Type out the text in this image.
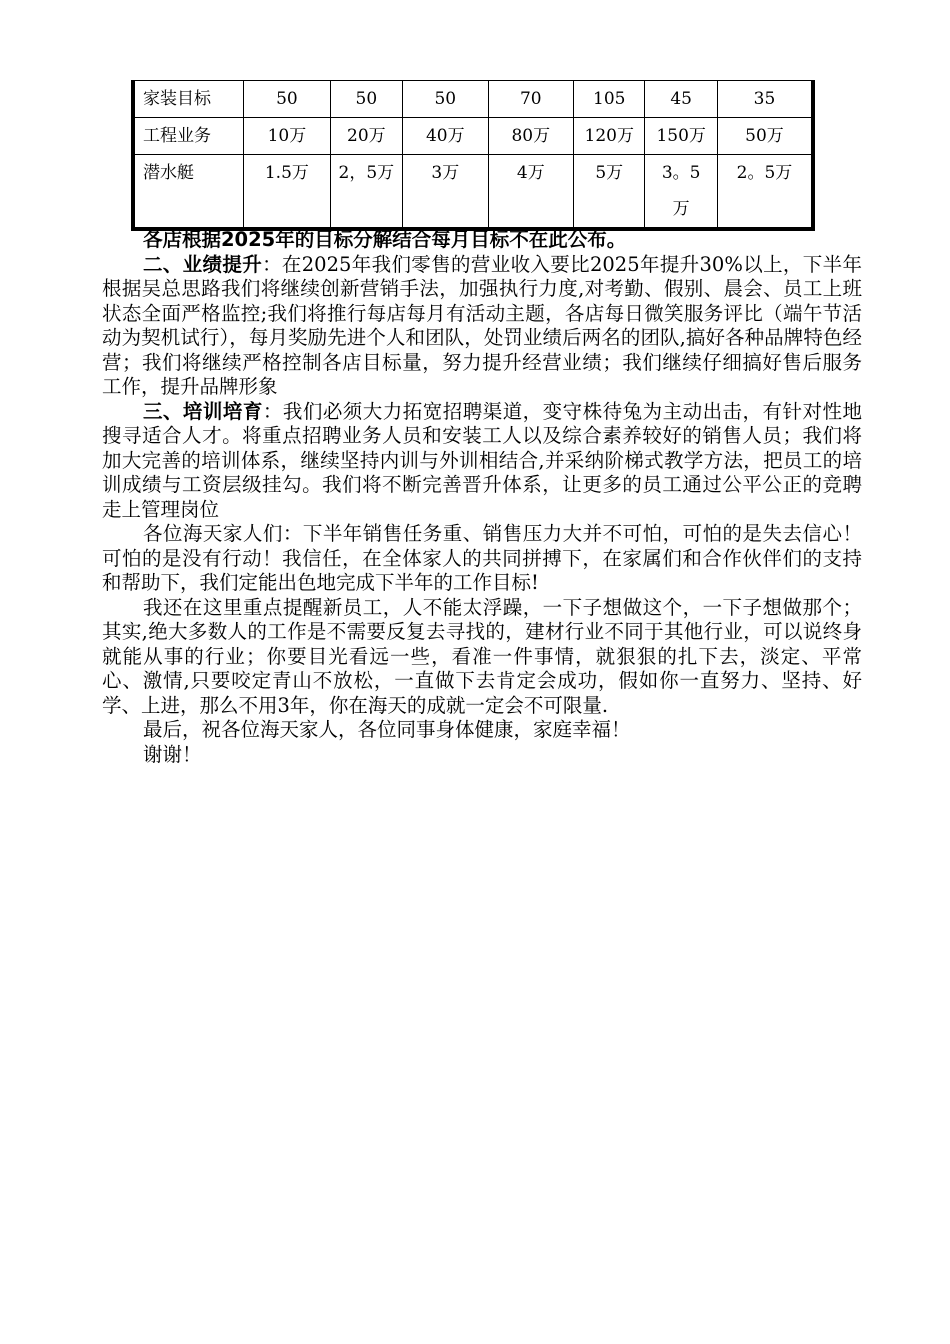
家装目标	50	50	50	70	105	45	35
工程业务	10万	20万	40万	80万	120万	150万	50万
潜水艇	1.5万	2，5万	3万	4万	5万	3。5万	2。5万

各店根据2025年的目标分解结合每月目标不在此公布。

二、业绩提升：在2025年我们零售的营业收入要比2025年提升30%以上，下半年根据吴总思路我们将继续创新营销手法，加强执行力度,对考勤、假别、晨会、员工上班状态全面严格监控;我们将推行每店每月有活动主题，各店每日微笑服务评比（端午节活动为契机试行），每月奖励先进个人和团队，处罚业绩后两名的团队,搞好各种品牌特色经营；我们将继续严格控制各店目标量，努力提升经营业绩；我们继续仔细搞好售后服务工作，提升品牌形象

三、培训培育：我们必须大力拓宽招聘渠道，变守株待兔为主动出击，有针对性地搜寻适合人才。将重点招聘业务人员和安装工人以及综合素养较好的销售人员；我们将加大完善的培训体系，继续坚持内训与外训相结合,并采纳阶梯式教学方法，把员工的培训成绩与工资层级挂勾。我们将不断完善晋升体系，让更多的员工通过公平公正的竞聘走上管理岗位

各位海天家人们：下半年销售任务重、销售压力大并不可怕，可怕的是失去信心！可怕的是没有行动！我信任，在全体家人的共同拼搏下，在家属们和合作伙伴们的支持和帮助下，我们定能出色地完成下半年的工作目标!

我还在这里重点提醒新员工，人不能太浮躁，一下子想做这个，一下子想做那个；其实,绝大多数人的工作是不需要反复去寻找的，建材行业不同于其他行业，可以说终身就能从事的行业；你要目光看远一些，看准一件事情，就狠狠的扎下去，淡定、平常心、激情,只要咬定青山不放松，一直做下去肯定会成功，假如你一直努力、坚持、好学、上进，那么不用3年，你在海天的成就一定会不可限量.

最后，祝各位海天家人，各位同事身体健康，家庭幸福！

谢谢！
